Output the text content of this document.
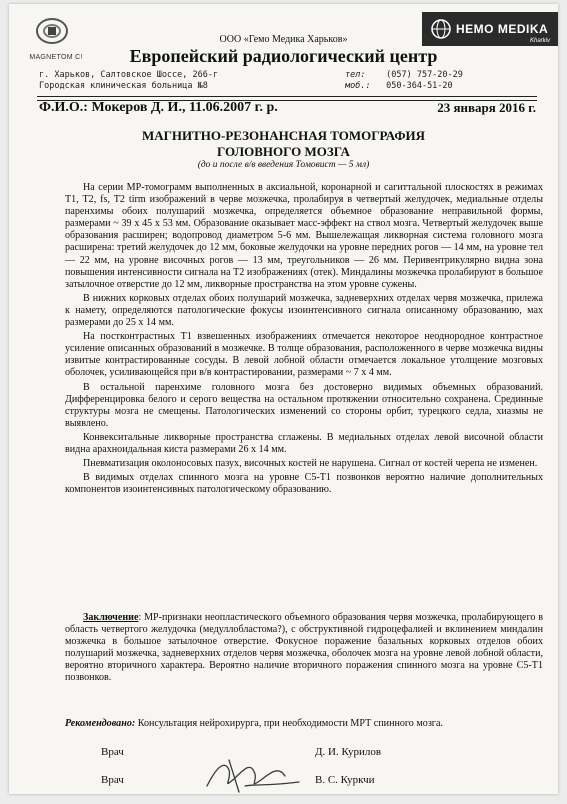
MAGNETOM C!
HEMO MEDIKA
Kharkiv
ООО «Гемо Медика Харьков»
Европейский радиологический центр
г. Харьков, Салтовское Шоссе, 266-г
Городская клиническая больница №8
тел: (057) 757-20-29
моб.: 050-364-51-20
Ф.И.О.: Мокеров Д. И., 11.06.2007 г. р.	23 января 2016 г.
МАГНИТНО-РЕЗОНАНСНАЯ ТОМОГРАФИЯ
ГОЛОВНОГО МОЗГА
(до и после в/в введения Томовист — 5 мл)

На серии МР-томограмм выполненных в аксиальной, коронарной и сагиттальной плоскостях в режимах T1, T2, fs, T2 tirm изображений в черве мозжечка, пролабируя в четвертый желудочек, медиальные отделы паренхимы обоих полушарий мозжечка, определяется объемное образование неправильной формы, размерами ~ 39 х 45 х 53 мм. Образование оказывает масс-эффект на ствол мозга. Четвертый желудочек выше образования расширен; водопровод диаметром 5-6 мм. Вышележащая ликворная система головного мозга расширена: третий желудочек до 12 мм, боковые желудочки на уровне передних рогов — 14 мм, на уровне тел — 22 мм, на уровне височных рогов — 13 мм, треугольников — 26 мм. Перивентрикулярно видна зона повышения интенсивности сигнала на T2 изображениях (отек). Миндалины мозжечка пролабируют в большое затылочное отверстие до 12 мм, ликворные пространства на этом уровне сужены.

В нижних корковых отделах обоих полушарий мозжечка, задневерхних отделах червя мозжечка, прилежа к намету, определяются патологические фокусы изоинтенсивного сигнала описанному образованию, мах размерами до 25 х 14 мм.

На постконтрастных T1 взвешенных изображениях отмечается некоторое неоднородное контрастное усиление описанных образований в мозжечке. В толще образования, расположенного в черве мозжечка видны извитые контрастированные сосуды. В левой лобной области отмечается локальное утолщение мозговых оболочек, усиливающейся при в/в контрастировании, размерами ~ 7 х 4 мм.

В остальной паренхиме головного мозга без достоверно видимых объемных образований. Дифференцировка белого и серого вещества на остальном протяжении относительно сохранена. Срединные структуры мозга не смещены. Патологических изменений со стороны орбит, турецкого седла, хиазмы не выявлено.

Конвекситальные ликворные пространства сглажены. В медиальных отделах левой височной области видна арахноидальная киста размерами 26 х 14 мм.

Пневматизация околоносовых пазух, височных костей не нарушена. Сигнал от костей черепа не изменен.

В видимых отделах спинного мозга на уровне С5-Т1 позвонков вероятно наличие дополнительных компонентов изоинтенсивных патологическому образованию.

Заключение: МР-признаки неопластического объемного образования червя мозжечка, пролабирующего в область четвертого желудочка (медуллобластома?), с обструктивной гидроцефалией и вклинением миндалин мозжечка в большое затылочное отверстие. Фокусное поражение базальных корковых отделов обоих полушарий мозжечка, задневерхних отделов червя мозжечка, оболочек мозга на уровне левой лобной области, вероятно вторичного характера. Вероятно наличие вторичного поражения спинного мозга на уровне С5-Т1 позвонков.

Рекомендовано: Консультация нейрохирурга, при необходимости МРТ спинного мозга.
Врач	Д. И. Курилов
Врач	В. С. Куркчи
